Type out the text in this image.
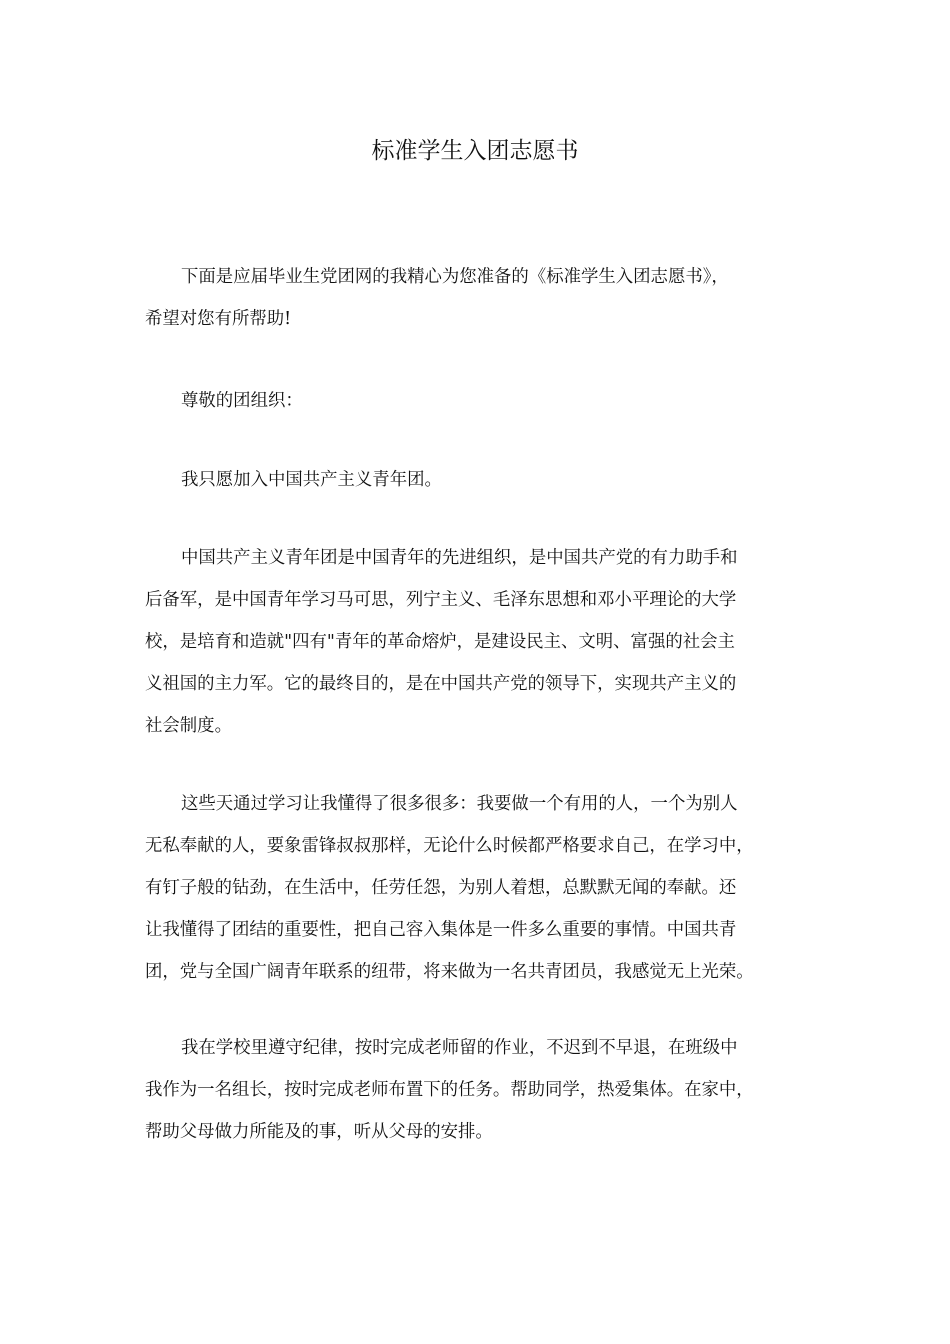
标准学生入团志愿书
下面是应届毕业生党团网的我精心为您准备的《标准学生入团志愿书》，
希望对您有所帮助!
尊敬的团组织：
我只愿加入中国共产主义青年团。
中国共产主义青年团是中国青年的先进组织，是中国共产党的有力助手和
后备军，是中国青年学习马可思，列宁主义、毛泽东思想和邓小平理论的大学
校，是培育和造就"四有"青年的革命熔炉，是建设民主、文明、富强的社会主
义祖国的主力军。它的最终目的，是在中国共产党的领导下，实现共产主义的
社会制度。
这些天通过学习让我懂得了很多很多：我要做一个有用的人，一个为别人
无私奉献的人，要象雷锋叔叔那样，无论什么时候都严格要求自己，在学习中，
有钉子般的钻劲，在生活中，任劳任怨，为别人着想，总默默无闻的奉献。还
让我懂得了团结的重要性，把自己容入集体是一件多么重要的事情。中国共青
团，党与全国广阔青年联系的纽带，将来做为一名共青团员，我感觉无上光荣。
我在学校里遵守纪律，按时完成老师留的作业，不迟到不早退，在班级中
我作为一名组长，按时完成老师布置下的任务。帮助同学，热爱集体。在家中，
帮助父母做力所能及的事，听从父母的安排。
